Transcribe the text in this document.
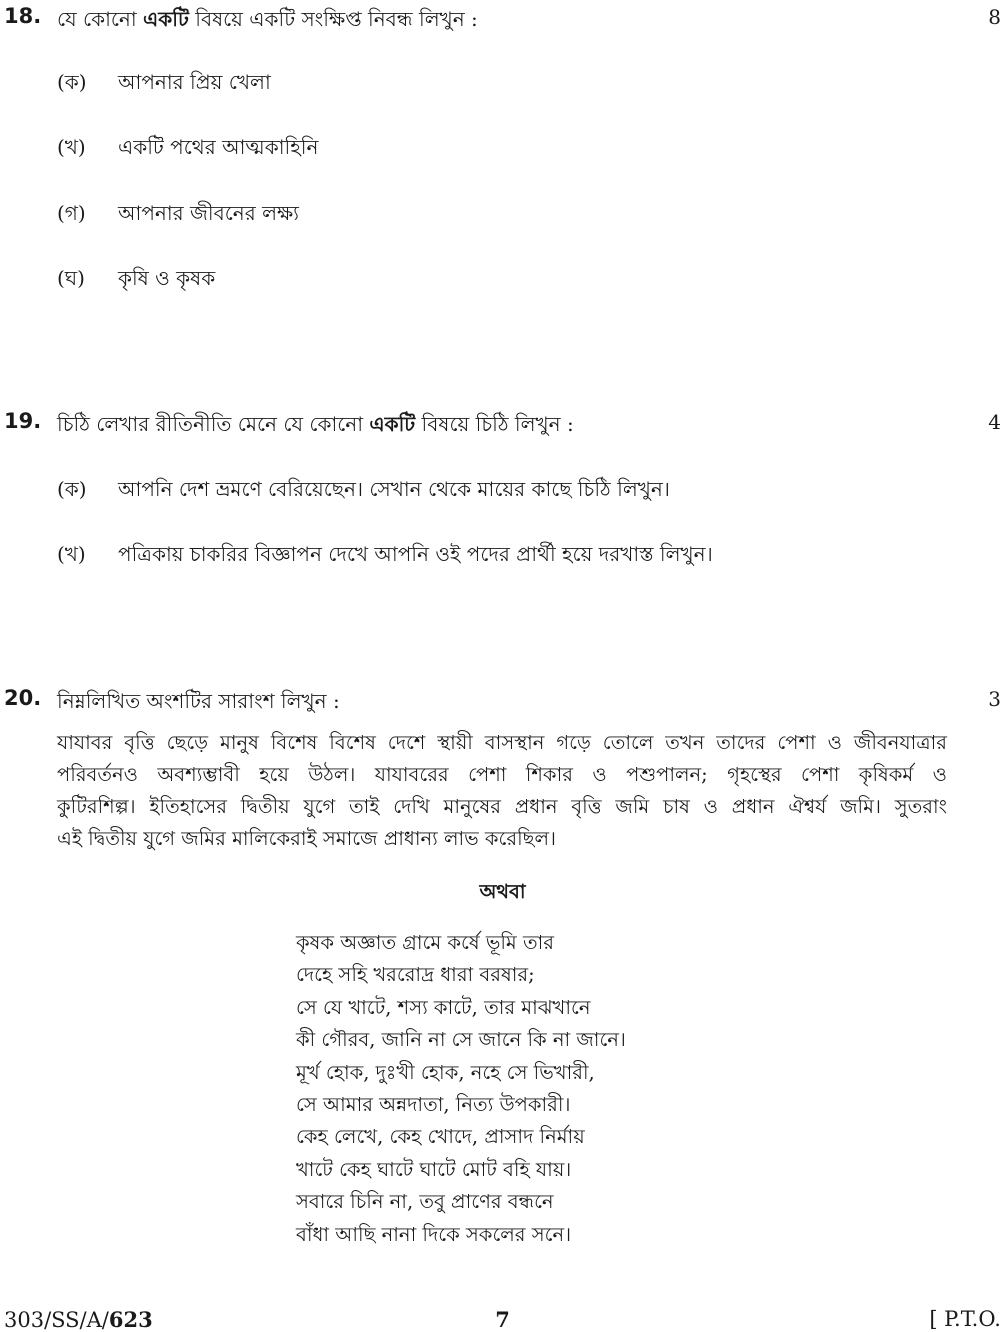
18. যে কোনো একটি বিষয়ে একটি সংক্ষিপ্ত নিবন্ধ লিখুন :	8
(ক) আপনার প্রিয় খেলা
(খ) একটি পথের আত্মকাহিনি
(গ) আপনার জীবনের লক্ষ্য
(ঘ) কৃষি ও কৃষক
19. চিঠি লেখার রীতিনীতি মেনে যে কোনো একটি বিষয়ে চিঠি লিখুন :	4
(ক) আপনি দেশ ভ্রমণে বেরিয়েছেন। সেখান থেকে মায়ের কাছে চিঠি লিখুন।
(খ) পত্রিকায় চাকরির বিজ্ঞাপন দেখে আপনি ওই পদের প্রার্থী হয়ে দরখাস্ত লিখুন।
20. নিম্নলিখিত অংশটির সারাংশ লিখুন :	3
যাযাবর বৃত্তি ছেড়ে মানুষ বিশেষ বিশেষ দেশে স্থায়ী বাসস্থান গড়ে তোলে তখন তাদের পেশা ও জীবনযাত্রার
পরিবর্তনও অবশ্যম্ভাবী হয়ে উঠল। যাযাবরের পেশা শিকার ও পশুপালন; গৃহস্থের পেশা কৃষিকর্ম ও
কুটিরশিল্প। ইতিহাসের দ্বিতীয় যুগে তাই দেখি মানুষের প্রধান বৃত্তি জমি চাষ ও প্রধান ঐশ্বর্য জমি। সুতরাং
এই দ্বিতীয় যুগে জমির মালিকেরাই সমাজে প্রাধান্য লাভ করেছিল।
অথবা
কৃষক অজ্ঞাত গ্রামে কর্ষে ভূমি তার
দেহে সহি খররোদ্র ধারা বরষার;
সে যে খাটে, শস্য কাটে, তার মাঝখানে
কী গৌরব, জানি না সে জানে কি না জানে।
মূর্খ হোক, দুঃখী হোক, নহে সে ভিখারী,
সে আমার অন্নদাতা, নিত্য উপকারী।
কেহ লেখে, কেহ খোদে, প্রাসাদ নির্মায়
খাটে কেহ ঘাটে ঘাটে মোট বহি যায়।
সবারে চিনি না, তবু প্রাণের বন্ধনে
বাঁধা আছি নানা দিকে সকলের সনে।
303/SS/A/623	7	[ P.T.O.
